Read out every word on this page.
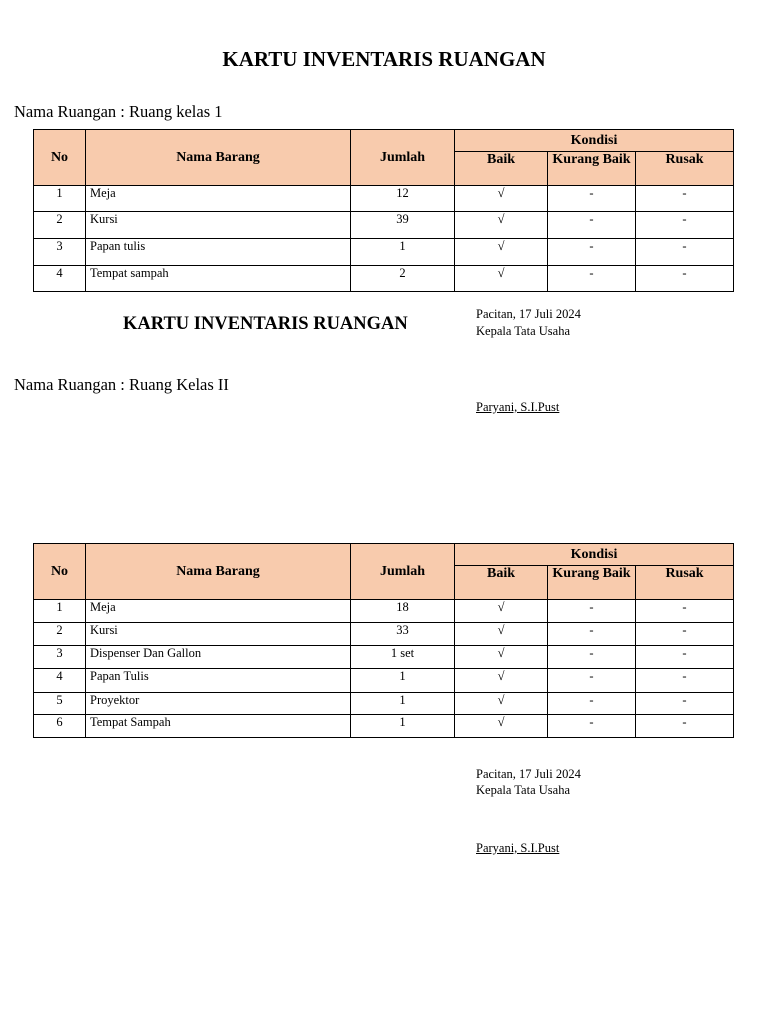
KARTU INVENTARIS RUANGAN
Nama Ruangan : Ruang kelas 1
No	Nama Barang	Jumlah	Kondisi		
			Baik	Kurang Baik	Rusak
1	Meja	12	√	-	-
2	Kursi	39	√	-	-
3	Papan tulis	1	√	-	-
4	Tempat sampah	2	√	-	-
Pacitan, 17 Juli 2024
Kepala Tata Usaha
Paryani, S.I.Pust
KARTU INVENTARIS RUANGAN
Nama Ruangan : Ruang Kelas II
No	Nama Barang	Jumlah	Kondisi		
			Baik	Kurang Baik	Rusak
1	Meja	18	√	-	-
2	Kursi	33	√	-	-
3	Dispenser Dan Gallon	1 set	√	-	-
4	Papan Tulis	1	√	-	-
5	Proyektor	1	√	-	-
6	Tempat Sampah	1	√	-	-
Pacitan, 17 Juli 2024
Kepala Tata Usaha
Paryani, S.I.Pust
